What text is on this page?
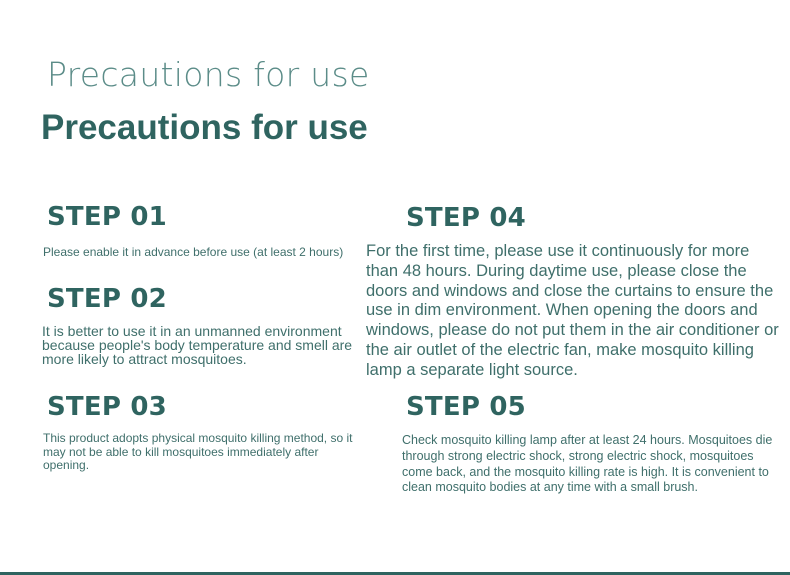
Precautions for use
Precautions for use
STEP 01

Please enable it in advance before use (at least 2 hours)

STEP 02

It is better to use it in an unmanned environment because people's body temperature and smell are more likely to attract mosquitoes.

STEP 03

This product adopts physical mosquito killing method, so it may not be able to kill mosquitoes immediately after opening.

STEP 04

For the first time, please use it continuously for more than 48 hours. During daytime use, please close the doors and windows and close the curtains to ensure the use in dim environment. When opening the doors and windows, please do not put them in the air conditioner or the air outlet of the electric fan, make mosquito killing lamp a separate light source.

STEP 05

Check mosquito killing lamp after at least 24 hours. Mosquitoes die through strong electric shock, strong electric shock, mosquitoes come back, and the mosquito killing rate is high. It is convenient to clean mosquito bodies at any time with a small brush.
